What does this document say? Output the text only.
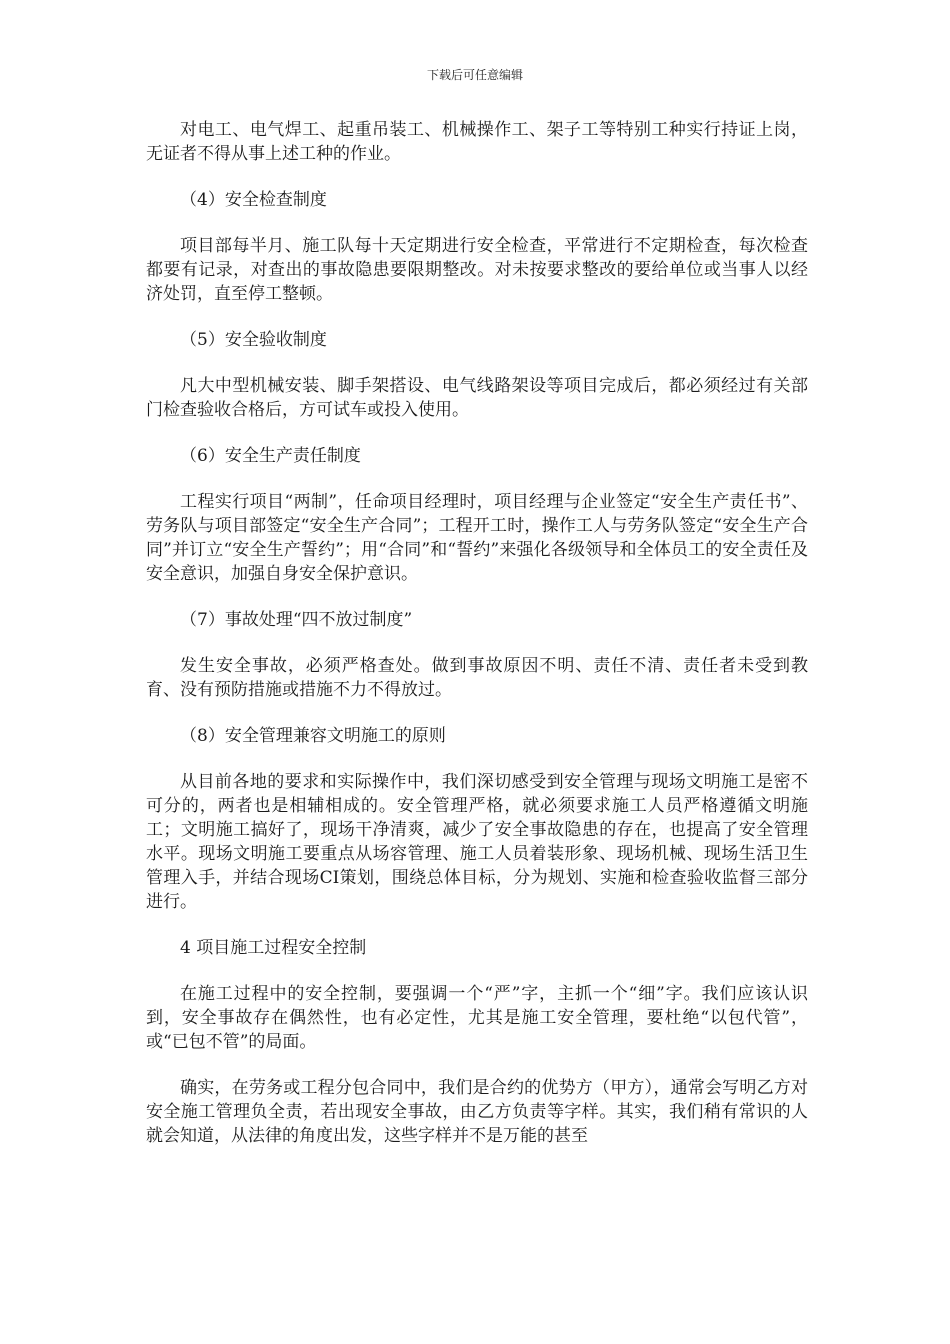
下载后可任意编辑

对电工、电气焊工、起重吊装工、机械操作工、架子工等特别工种实行持证上岗，无证者不得从事上述工种的作业。

（4）安全检查制度

项目部每半月、施工队每十天定期进行安全检查，平常进行不定期检查，每次检查都要有记录，对查出的事故隐患要限期整改。对未按要求整改的要给单位或当事人以经济处罚，直至停工整顿。

（5）安全验收制度

凡大中型机械安装、脚手架搭设、电气线路架设等项目完成后，都必须经过有关部门检查验收合格后，方可试车或投入使用。

（6）安全生产责任制度

工程实行项目“两制”，任命项目经理时，项目经理与企业签定“安全生产责任书”、劳务队与项目部签定“安全生产合同”；工程开工时，操作工人与劳务队签定“安全生产合同”并订立“安全生产誓约”；用“合同”和“誓约”来强化各级领导和全体员工的安全责任及安全意识，加强自身安全保护意识。

（7）事故处理“四不放过制度”

发生安全事故，必须严格查处。做到事故原因不明、责任不清、责任者未受到教育、没有预防措施或措施不力不得放过。

（8）安全管理兼容文明施工的原则

从目前各地的要求和实际操作中，我们深切感受到安全管理与现场文明施工是密不可分的，两者也是相辅相成的。安全管理严格，就必须要求施工人员严格遵循文明施工；文明施工搞好了，现场干净清爽，减少了安全事故隐患的存在，也提高了安全管理水平。现场文明施工要重点从场容管理、施工人员着装形象、现场机械、现场生活卫生管理入手，并结合现场CI策划，围绕总体目标，分为规划、实施和检查验收监督三部分进行。

4 项目施工过程安全控制

在施工过程中的安全控制，要强调一个“严”字，主抓一个“细”字。我们应该认识到，安全事故存在偶然性，也有必定性，尤其是施工安全管理，要杜绝“以包代管”，或“已包不管”的局面。

确实，在劳务或工程分包合同中，我们是合约的优势方（甲方），通常会写明乙方对安全施工管理负全责，若出现安全事故，由乙方负责等字样。其实，我们稍有常识的人就会知道，从法律的角度出发，这些字样并不是万能的甚至
